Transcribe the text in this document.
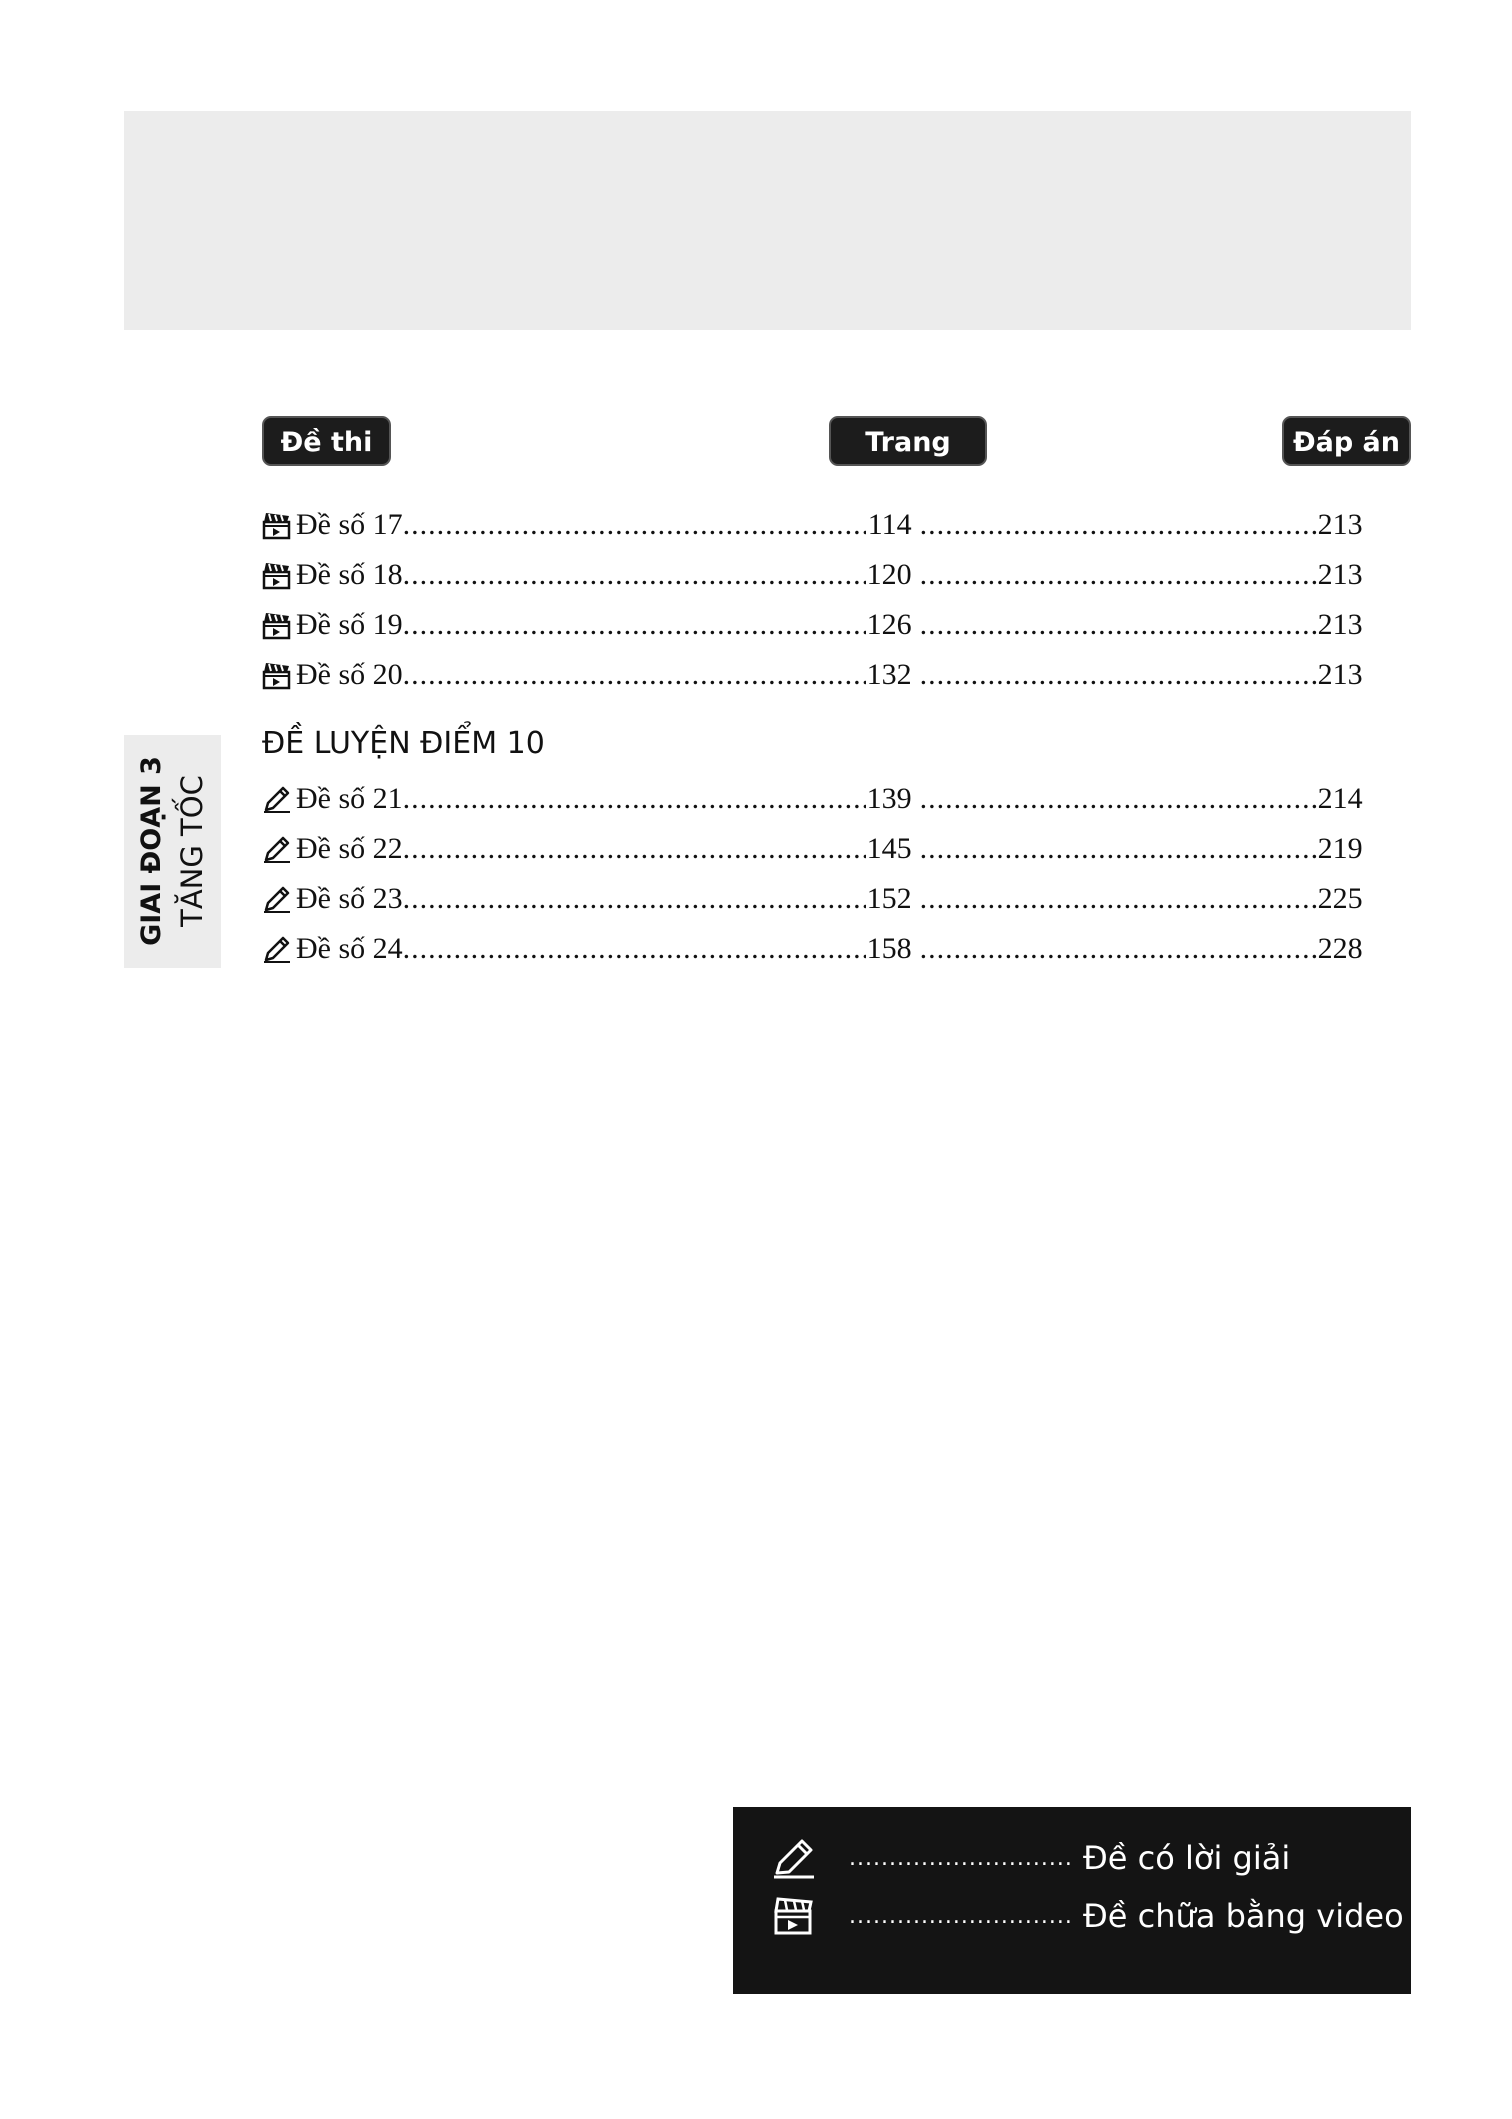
Đề thi	Trang	Đáp án
Đề số 17 .....	114 .....	213
Đề số 18 .....	120 .....	213
Đề số 19 .....	126 .....	213
Đề số 20 .....	132 .....	213
GIAI ĐOẠN 3 TĂNG TỐC
ĐỀ LUYỆN ĐIỂM 10
Đề số 21 .....	139 .....	214
Đề số 22 .....	145 .....	219
Đề số 23 .....	152 .....	225
Đề số 24 .....	158 .....	228
.....
Đề có lời giải
.....
Đề chữa bằng video
